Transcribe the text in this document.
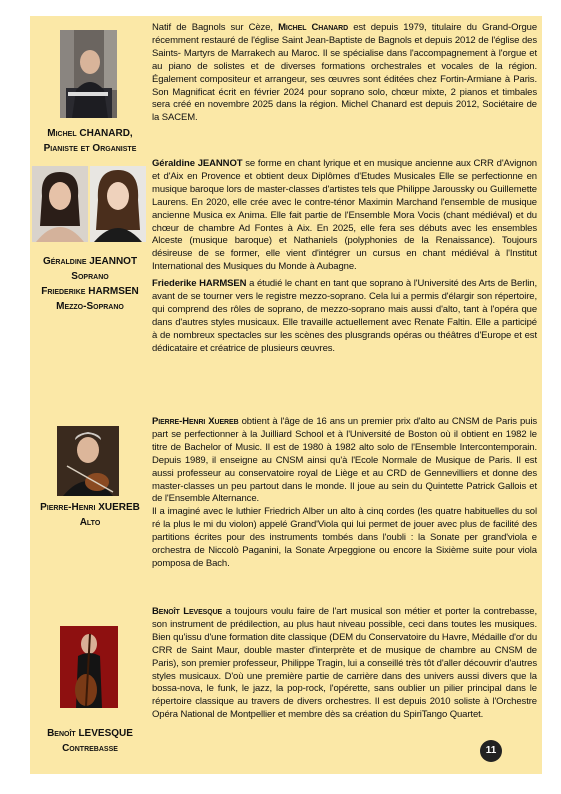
Michel CHANARD,
Pianiste et Organiste

Natif de Bagnols sur Cèze, Michel Chanard est depuis 1979, titulaire du Grand-Orgue récemment restauré de l'église Saint Jean-Baptiste de Bagnols et depuis 2012 de l'église des Saints- Martyrs de Marrakech au Maroc. Il se spécialise dans l'accompagnement à l'orgue et au piano de solistes et de diverses formations orchestrales et vocales de la région. Également compositeur et arrangeur, ses œuvres sont éditées chez Fortin-Armiane à Paris. Son Magnificat écrit en février 2024 pour soprano solo, chœur mixte, 2 pianos et timbales sera créé en novembre 2025 dans la région. Michel Chanard est depuis 2012, Sociétaire de la SACEM.

Géraldine JEANNOT
Soprano
Friederike HARMSEN
Mezzo-Soprano

Géraldine JEANNOT se forme en chant lyrique et en musique ancienne aux CRR d'Avignon et d'Aix en Provence et obtient deux Diplômes d'Etudes Musicales Elle se perfectionne en musique baroque lors de master-classes d'artistes tels que Philippe Jaroussky ou Guillemette Laurens. En 2020, elle crée avec le contre-ténor Maximin Marchand l'ensemble de musique ancienne Musica ex Anima. Elle fait partie de l'Ensemble Mora Vocis (chant médiéval) et du chœur de chambre Ad Fontes à Aix. En 2025, elle fera ses débuts avec les ensembles Alceste (musique baroque) et Nathaniels (polyphonies de la Renaissance). Toujours désireuse de se former, elle vient d'intégrer un cursus en chant médiéval à l'Institut International des Musiques du Monde à Aubagne.

Friederike HARMSEN a étudié le chant en tant que soprano à l'Université des Arts de Berlin, avant de se tourner vers le registre mezzo-soprano. Cela lui a permis d'élargir son répertoire, qui comprend des rôles de soprano, de mezzo-soprano mais aussi d'alto, tant à l'opéra que dans d'autres styles musicaux. Elle travaille actuellement avec Renate Faltin. Elle a participé à de nombreux spectacles sur les scènes des plusgrands opéras ou théâtres d'Europe et est dédicataire et créatrice de plusieurs œuvres.

Pierre-Henri XUEREB
Alto

Pierre-Henri Xuereb obtient à l'âge de 16 ans un premier prix d'alto au CNSM de Paris puis part se perfectionner à la Juilliard School et à l'Université de Boston où il obtient en 1982 le titre de Bachelor of Music. Il est de 1980 à 1982 alto solo de l'Ensemble Intercontemporain. Depuis 1989, il enseigne au CNSM ainsi qu'à l'Ecole Normale de Musique de Paris. Il est aussi professeur au conservatoire royal de Liège et au CRD de Gennevilliers et donne des master-classes un peu partout dans le monde. Il joue au sein du Quintette Patrick Gallois et de l'Ensemble Alternance.

Il a imaginé avec le luthier Friedrich Alber un alto à cinq cordes (les quatre habituelles du sol ré la plus le mi du violon) appelé Grand'Viola qui lui permet de jouer avec plus de facilité des partitions écrites pour des instruments tombés dans l'oubli : la Sonate per grand'viola e orchestra de Niccolò Paganini, la Sonate Arpeggione ou encore la Sixième suite pour viola pomposa de Bach.

Benoît LEVESQUE
Contrebasse

Benoît Levesque a toujours voulu faire de l'art musical son métier et porter la contrebasse, son instrument de prédilection, au plus haut niveau possible, ceci dans toutes les musiques. Bien qu'issu d'une formation dite classique (DEM du Conservatoire du Havre, Médaille d'or du CRR de Saint Maur, double master d'interprète et de musique de chambre au CNSM de Paris), son premier professeur, Philippe Tragin, lui a conseillé très tôt d'aller découvrir d'autres styles musicaux. D'où une première partie de carrière dans des univers aussi divers que la bossa-nova, le funk, le jazz, la pop-rock, l'opérette, sans oublier un pilier principal dans le répertoire classique au travers de divers orchestres. Il est depuis 2010 soliste à l'Orchestre Opéra National de Montpellier et membre dès sa création du SpiriTango Quartet.

11
